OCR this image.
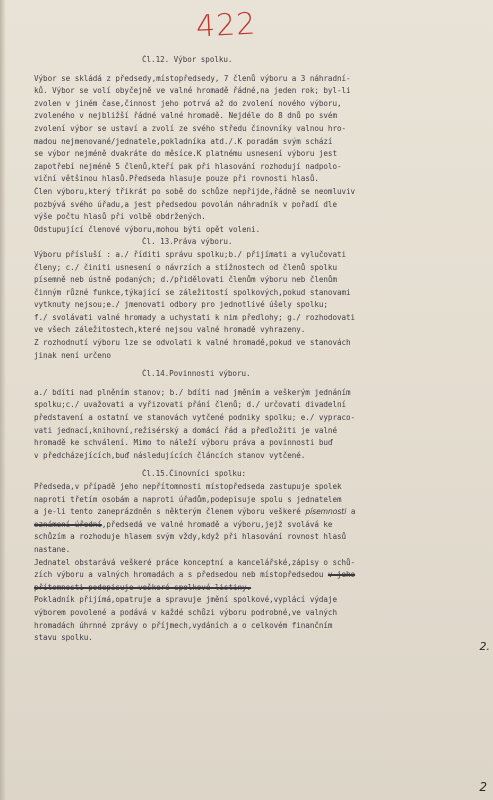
422
Čl.12. Výbor spolku.
Výbor se skládá z předsedy,místopředsedy, 7 členů výboru a 3 náhradní-
ků. Výbor se volí obyčejně ve valné hromadě řádné,na jeden rok; byl-li
zvolen v jiném čase,činnost jeho potrvá až do zvolení nového výboru,
zvoleného v nejbližší řádné valné hromadě. Nejdéle do 8 dnů po svém
zvolení výbor se ustaví a zvolí ze svého středu činovníky valnou hro-
madou nejmenované/jednatele,pokladníka atd./.K poradám svým schází
se výbor nejméně dvakráte do měsíce.K platnému usnesení výboru jest
zapotřebí nejméně 5 členů,kteří pak při hlasování rozhodují nadpolo-
viční většinou hlasů.Předseda hlasuje pouze při rovnosti hlasů.
Člen výboru,který třikrát po sobě do schůze nepřijde,řádně se neomluviv
pozbývá svého úřadu,a jest předsedou povolán náhradník v pořadí dle
výše počtu hlasů při volbě obdržených.
Odstupující členové výboru,mohou býti opět voleni.
Čl. 13.Práva výboru.
Výboru přísluší : a./ říditi správu spolku;b./ přijímati a vylučovati
členy; c./ činiti usnesení o návrzích a stížnostech od členů spolku
písemně neb ústně podaných; d./přidělovati členům výboru neb členům
činným různé funkce,týkající se záležitostí spolkových,pokud stanovami
vytknuty nejsou;e./ jmenovati odbory pro jednotlivé úšely spolku;
f./ svolávati valné hromady a uchystati k nim předlohy; g./ rozhodovati
ve všech záležitostech,které nejsou valné hromadě vyhrazeny.
Z rozhodnutí výboru lze se odvolati k valné hromadě,pokud ve stanovách
jinak není určeno
Čl.14.Povinnosti výboru.
a./ bdíti nad plněním stanov; b./ bdíti nad jměním a veškerým jednáním
spolku;c./ uvažovati a vyřizovati přání členů; d./ určovati divadelní
představení a ostatní ve stanovách vytčené podniky spolku; e./ vypraco-
vati jednací,knihovní,režisérský a domácí řád a předložiti je valné
hromadě ke schválení. Mimo to náleží výboru práva a povinnosti buď
v předcházejících,buď následujících článcích stanov vytčené.
Čl.15.Činovníci spolku:
Předseda,v případě jeho nepřítomnosti místopředseda zastupuje spolek
naproti třetím osobám a naproti úřadům,podepisuje spolu s jednatelem
a je-li tento zaneprázdněn s některým členem výboru veškeré písemnosti a
oznámení úřední,předsedá ve valné hromadě a výboru,jejž svolává ke
schůzím a rozhoduje hlasem svým vždy,když při hlasování rovnost hlasů
nastane.
Jednatel obstarává veškeré práce konceptní a kancelářské,zápisy o schů-
zích výboru a valných hromadách a s předsedou neb místopředsedou v jeho
přítomnosti podepisuje veškeré spolkové listiny.
Pokladník přijímá,opatruje a spravuje jmění spolkové,vyplácí výdaje
výborem povolené a podává v každé schůzi výboru podrobné,ve valných
hromadách úhrnné zprávy o příjmech,vydáních a o celkovém finančním
stavu spolku.
2.
2
